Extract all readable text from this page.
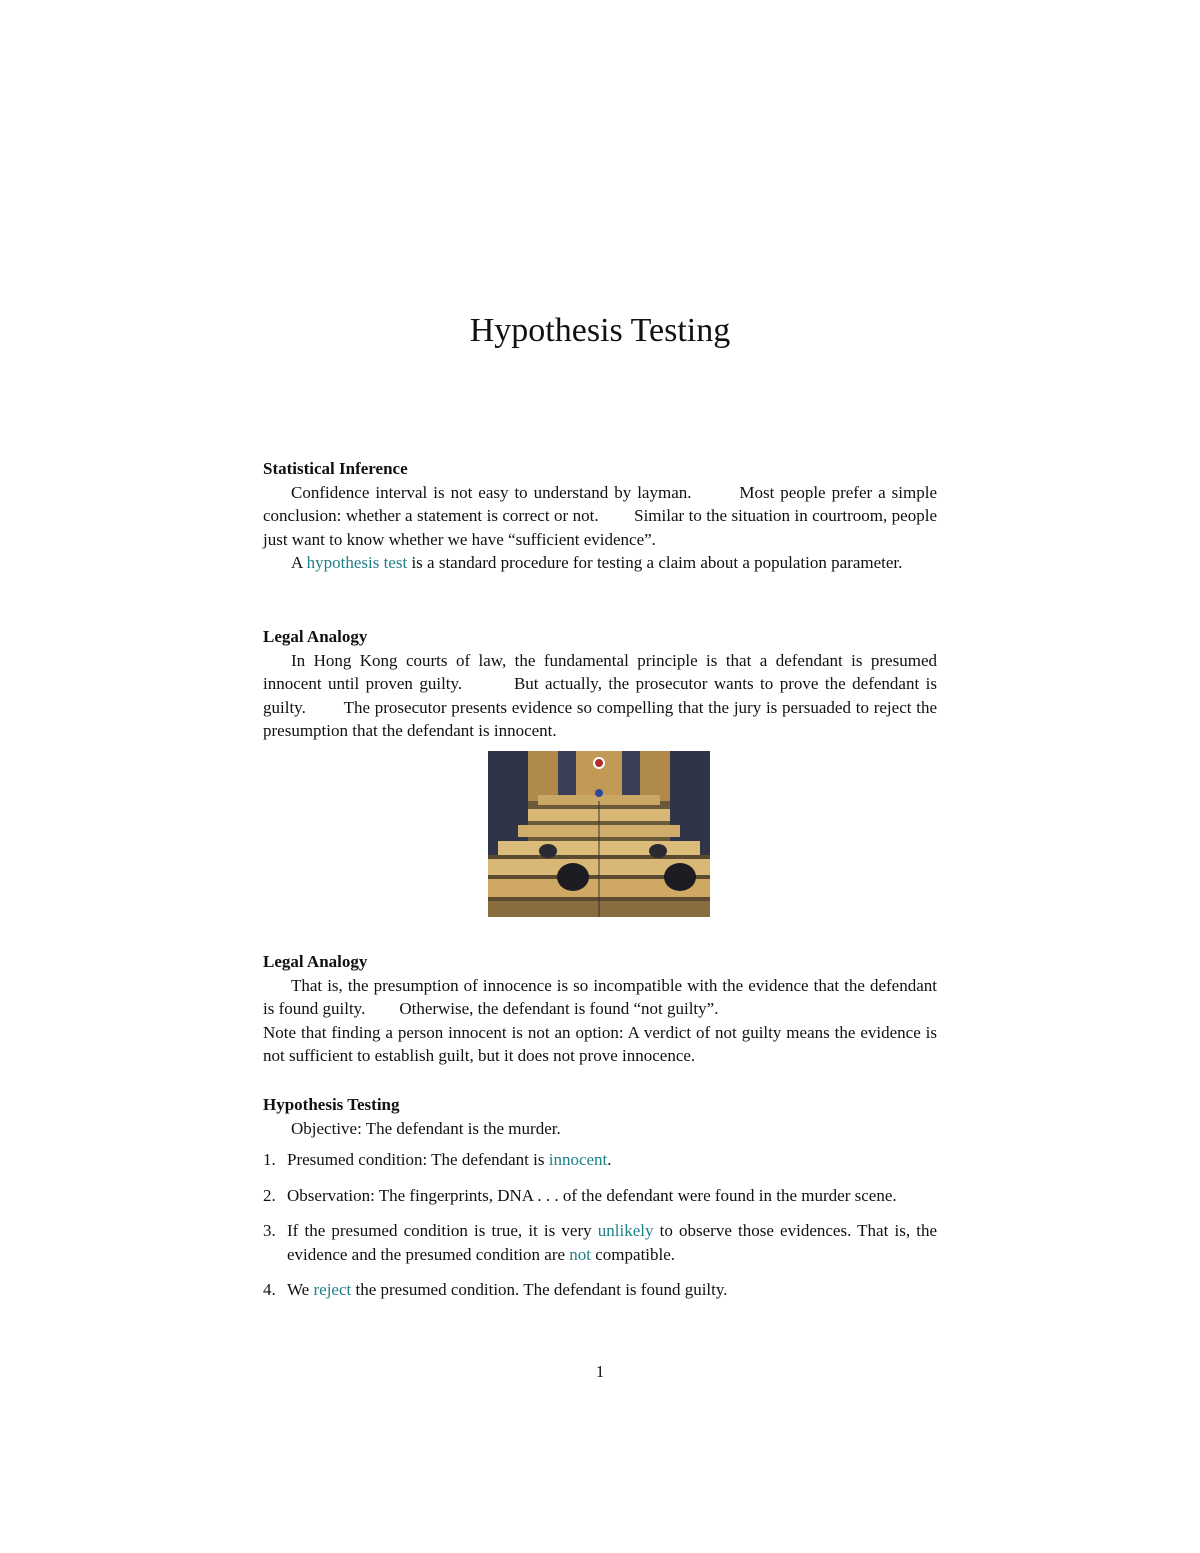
Hypothesis Testing
Statistical Inference

Confidence interval is not easy to understand by layman.        Most people prefer a simple conclusion: whether a statement is correct or not.        Similar to the situation in courtroom, people just want to know whether we have “sufficient evidence”.

A hypothesis test is a standard procedure for testing a claim about a population parameter.

Legal Analogy

In Hong Kong courts of law, the fundamental principle is that a defendant is presumed innocent until proven guilty.        But actually, the prosecutor wants to prove the defendant is guilty.        The prosecutor presents evidence so compelling that the jury is persuaded to reject the presumption that the defendant is innocent.

Legal Analogy

That is, the presumption of innocence is so incompatible with the evidence that the defendant is found guilty.        Otherwise, the defendant is found “not guilty”.

Note that finding a person innocent is not an option: A verdict of not guilty means the evidence is not sufficient to establish guilt, but it does not prove innocence.

Hypothesis Testing

Objective: The defendant is the murder.

1. Presumed condition: The defendant is innocent.
2. Observation: The fingerprints, DNA . . . of the defendant were found in the murder scene.
3. If the presumed condition is true, it is very unlikely to observe those evidences. That is, the evidence and the presumed condition are not compatible.
4. We reject the presumed condition. The defendant is found guilty.
1
